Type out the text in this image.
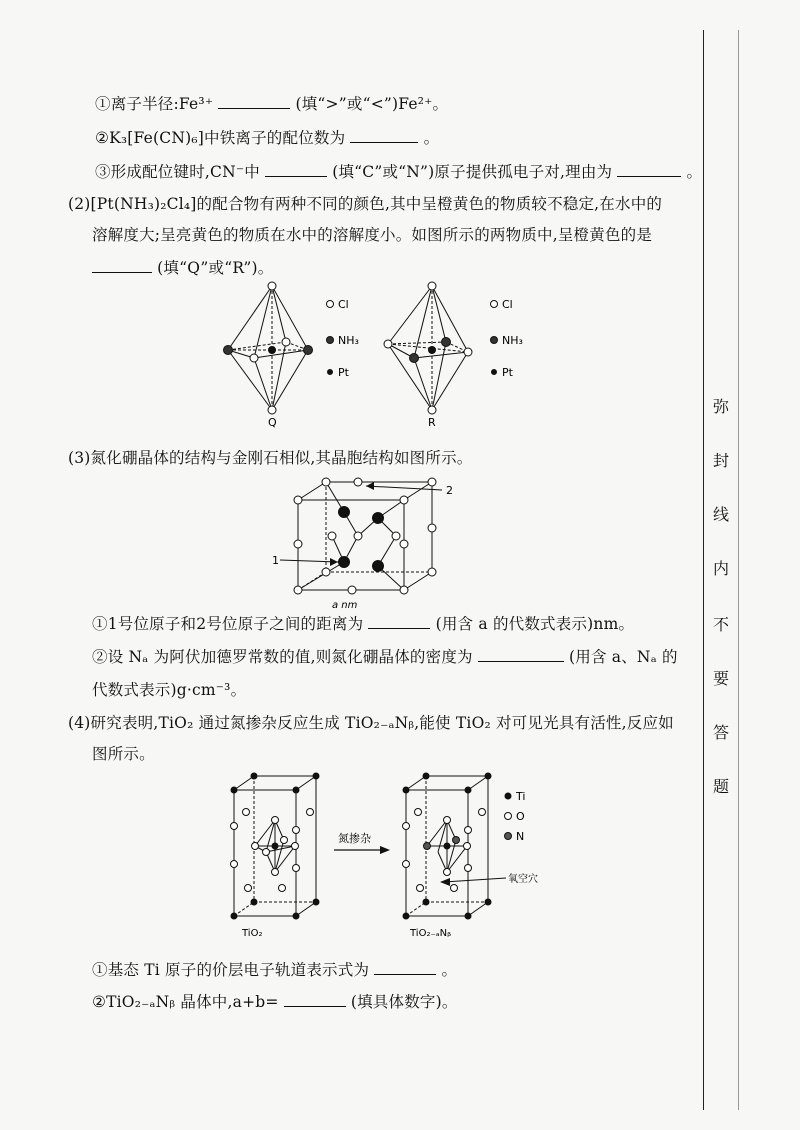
①离子半径:Fe³⁺	(填“>”或“<”)Fe²⁺。
②K₃[Fe(CN)₆]中铁离子的配位数为	。
③形成配位键时,CN⁻中	(填“C”或“N”)原子提供孤电子对,理由为	。
(2)[Pt(NH₃)₂Cl₄]的配合物有两种不同的颜色,其中呈橙黄色的物质较不稳定,在水中的
溶解度大;呈亮黄色的物质在水中的溶解度小。如图所示的两物质中,呈橙黄色的是
(填“Q”或“R”)。
Q	R
Cl
NH₃
Pt
Cl
NH₃
Pt
(3)氮化硼晶体的结构与金刚石相似,其晶胞结构如图所示。
1
2
a nm
①1号位原子和2号位原子之间的距离为	(用含 a 的代数式表示)nm。
②设 Nₐ 为阿伏加德罗常数的值,则氮化硼晶体的密度为	(用含 a、Nₐ 的
代数式表示)g·cm⁻³。
(4)研究表明,TiO₂ 通过氮掺杂反应生成 TiO₂₋ₐNᵦ,能使 TiO₂ 对可见光具有活性,反应如
图所示。
TiO₂
氮掺杂
氧空穴
TiO₂₋ₐNᵦ
Ti
O
N
①基态 Ti 原子的价层电子轨道表示式为	。
②TiO₂₋ₐNᵦ 晶体中,a+b=	(填具体数字)。
弥
封
线
内
不
要
答
题
